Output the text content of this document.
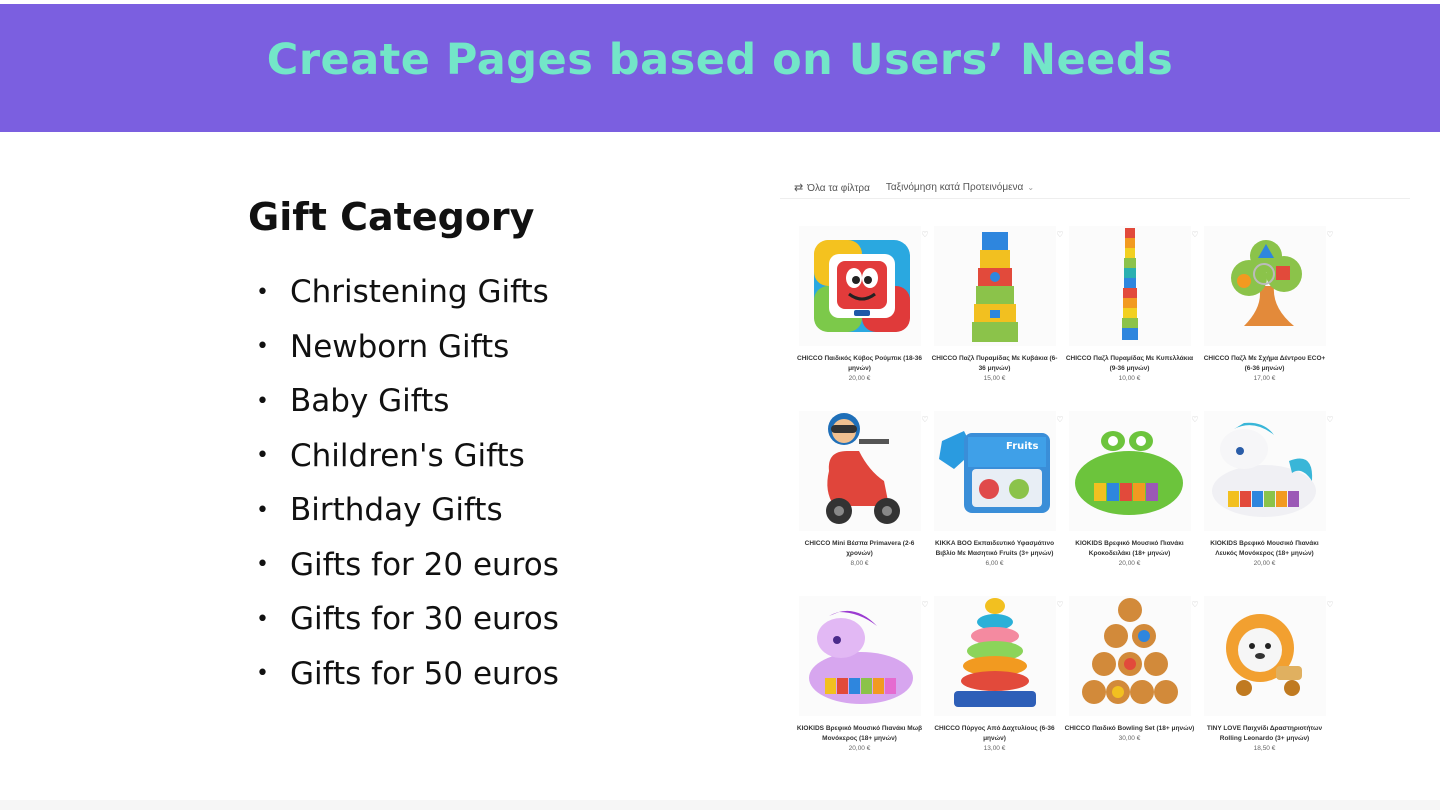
Create Pages based on Users’ Needs
Gift Category
• Christening Gifts
• Newborn Gifts
• Baby Gifts
• Children's Gifts
• Birthday Gifts
• Gifts for 20 euros
• Gifts for 30 euros
• Gifts for 50 euros
⇄ Όλα τα φίλτρα Ταξινόμηση κατά Προτεινόμενα ⌄
♡
CHICCO Παιδικός Κύβος Ρούμπικ (18-36 μηνών)
20,00 €
♡
CHICCO Παζλ Πυραμίδας Με Κυβάκια (6-36 μηνών)
15,00 €
♡
CHICCO Παζλ Πυραμίδας Με Κυπελλάκια (9-36 μηνών)
10,00 €
♡
CHICCO Παζλ Με Σχήμα Δέντρου ECO+ (6-36 μηνών)
17,00 €
♡
CHICCO Mini Βέσπα Primavera (2-6 χρονών)
8,00 €
♡
Fruits
KIKKA BOO Εκπαιδευτικό Υφασμάτινο Βιβλίο Με Μασητικό Fruits (3+ μηνών)
6,00 €
♡
KIOKIDS Βρεφικό Μουσικό Πιανάκι Κροκοδειλάκι (18+ μηνών)
20,00 €
♡
KIOKIDS Βρεφικό Μουσικό Πιανάκι Λευκός Μονόκερος (18+ μηνών)
20,00 €
♡
KIOKIDS Βρεφικό Μουσικό Πιανάκι Μωβ Μονόκερος (18+ μηνών)
20,00 €
♡
CHICCO Πύργος Από Δαχτυλίους (6-36 μηνών)
13,00 €
♡
CHICCO Παιδικό Bowling Set (18+ μηνών)
30,00 €
♡
TINY LOVE Παιχνίδι Δραστηριοτήτων Rolling Leonardo (3+ μηνών)
18,50 €
